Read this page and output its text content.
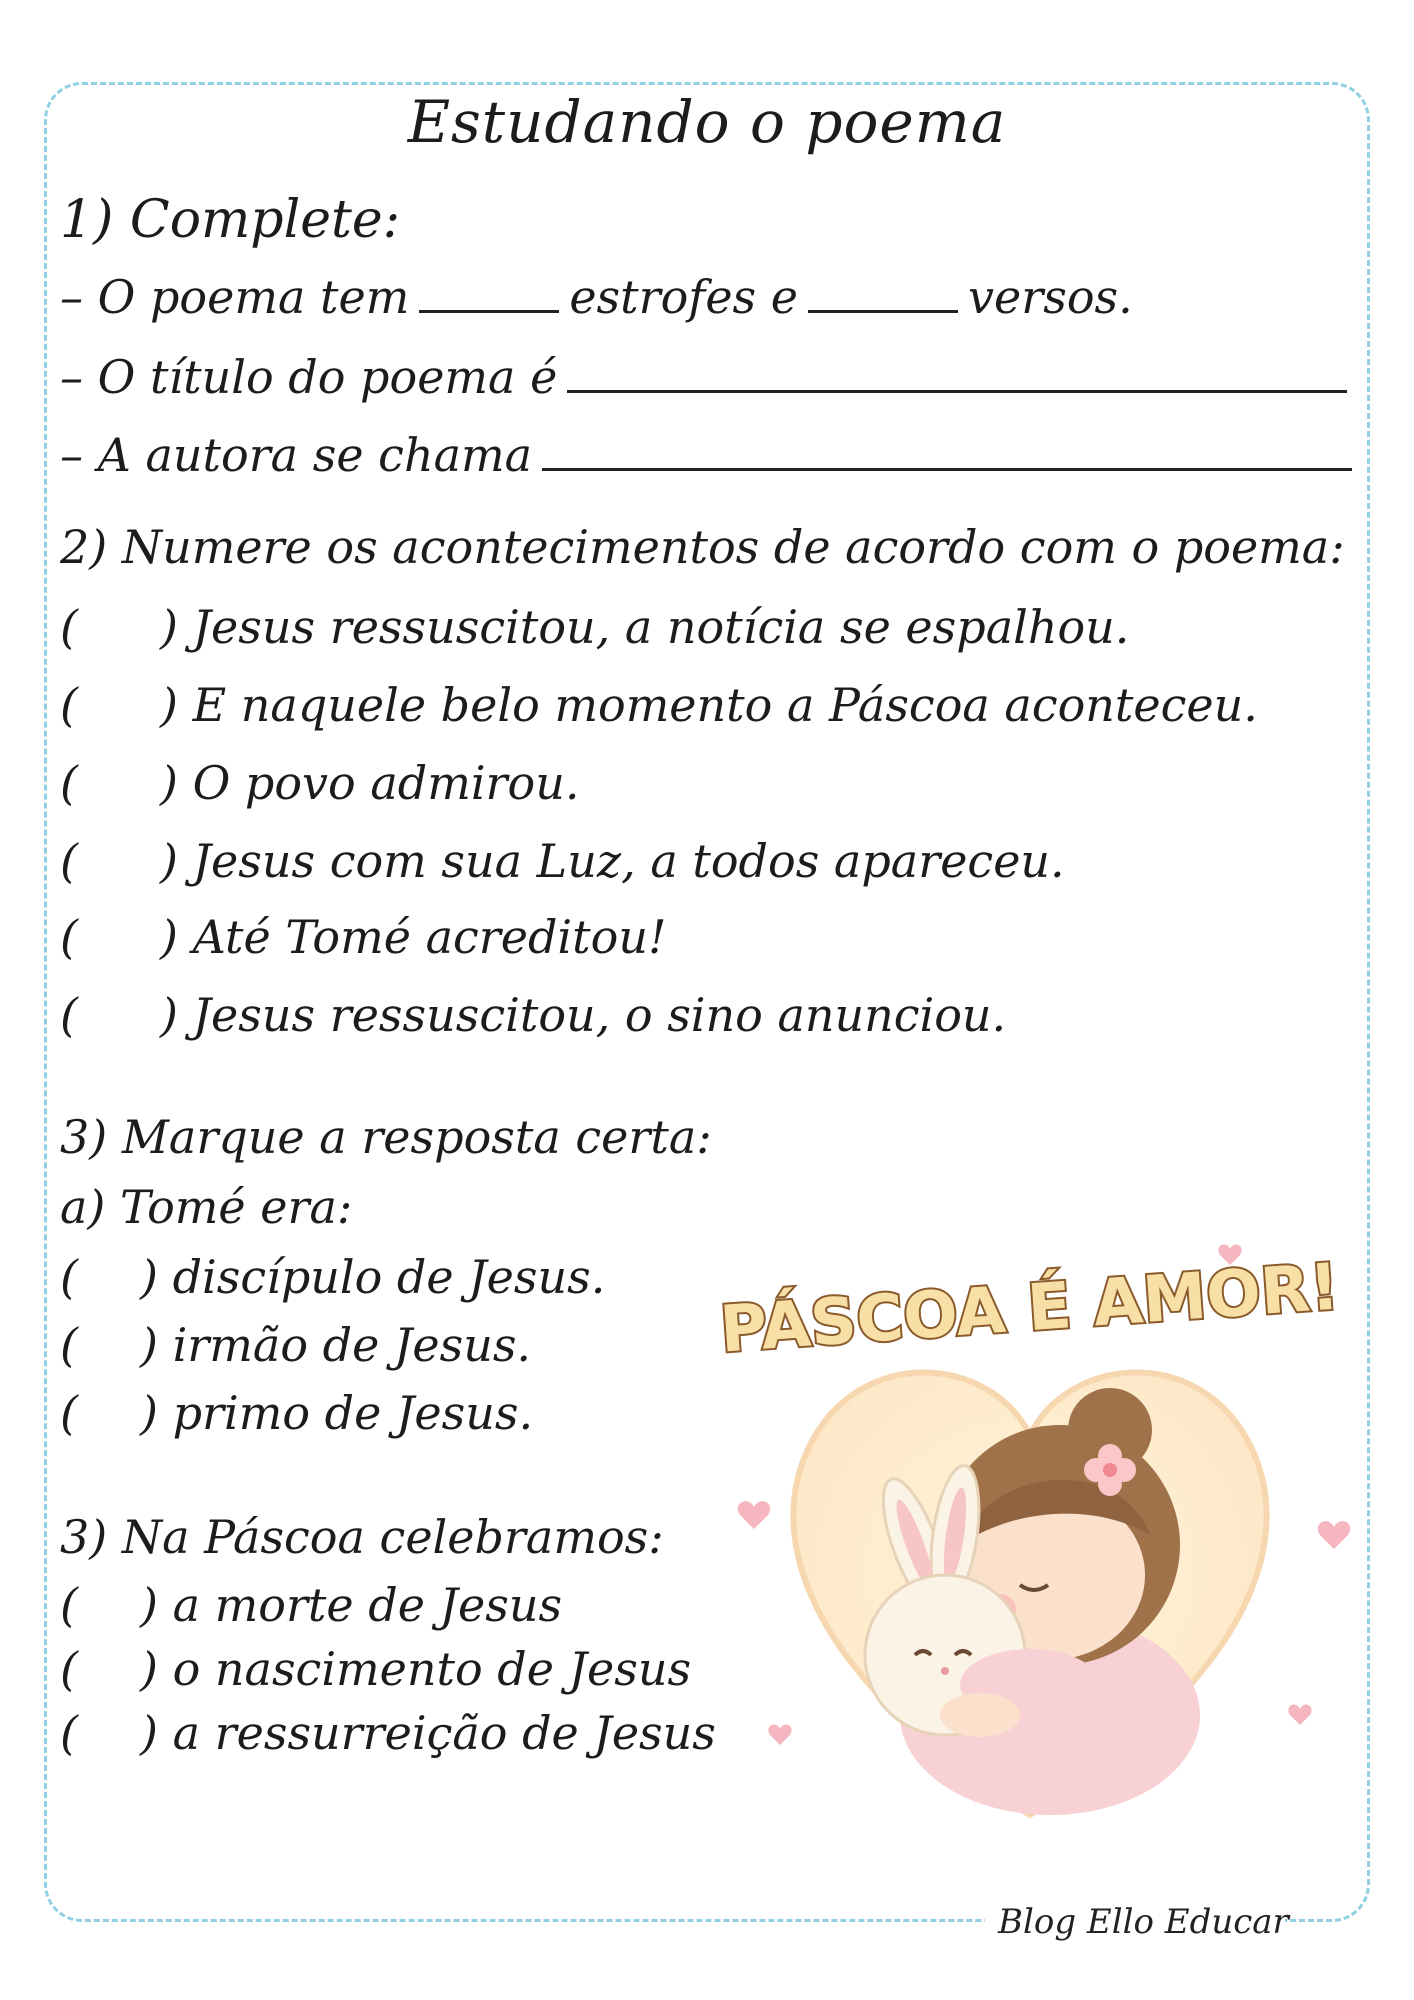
Blog Ello Educar
Estudando o poema
1) Complete:
– O poema tem	estrofes e	versos.
– O título do poema é
– A autora se chama
2) Numere os acontecimentos de acordo com o poema:
( ) Jesus ressuscitou, a notícia se espalhou.
( ) E naquele belo momento a Páscoa aconteceu.
( ) O povo admirou.
( ) Jesus com sua Luz, a todos apareceu.
( ) Até Tomé acreditou!
( ) Jesus ressuscitou, o sino anunciou.
3) Marque a resposta certa:
a) Tomé era:
( ) discípulo de Jesus.
( ) irmão de Jesus.
( ) primo de Jesus.
3) Na Páscoa celebramos:
( ) a morte de Jesus
( ) o nascimento de Jesus
( ) a ressurreição de Jesus
PÁSCOA É AMOR!
